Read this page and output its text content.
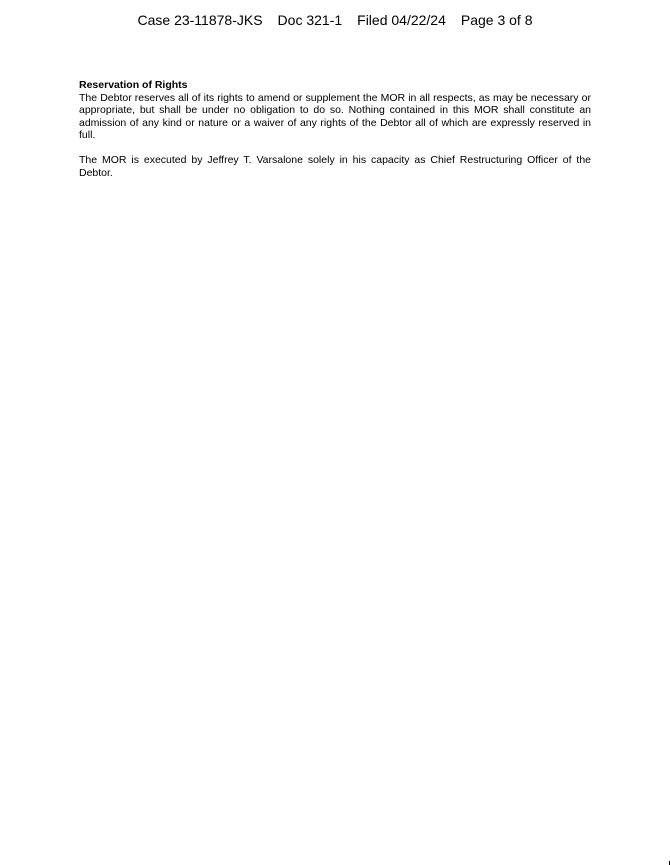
Case 23-11878-JKS Doc 321-1 Filed 04/22/24 Page 3 of 8

Reservation of Rights

The Debtor reserves all of its rights to amend or supplement the MOR in all respects, as may be necessary or appropriate, but shall be under no obligation to do so. Nothing contained in this MOR shall constitute an admission of any kind or nature or a waiver of any rights of the Debtor all of which are expressly reserved in full.

The MOR is executed by Jeffrey T. Varsalone solely in his capacity as Chief Restructuring Officer of the Debtor.
